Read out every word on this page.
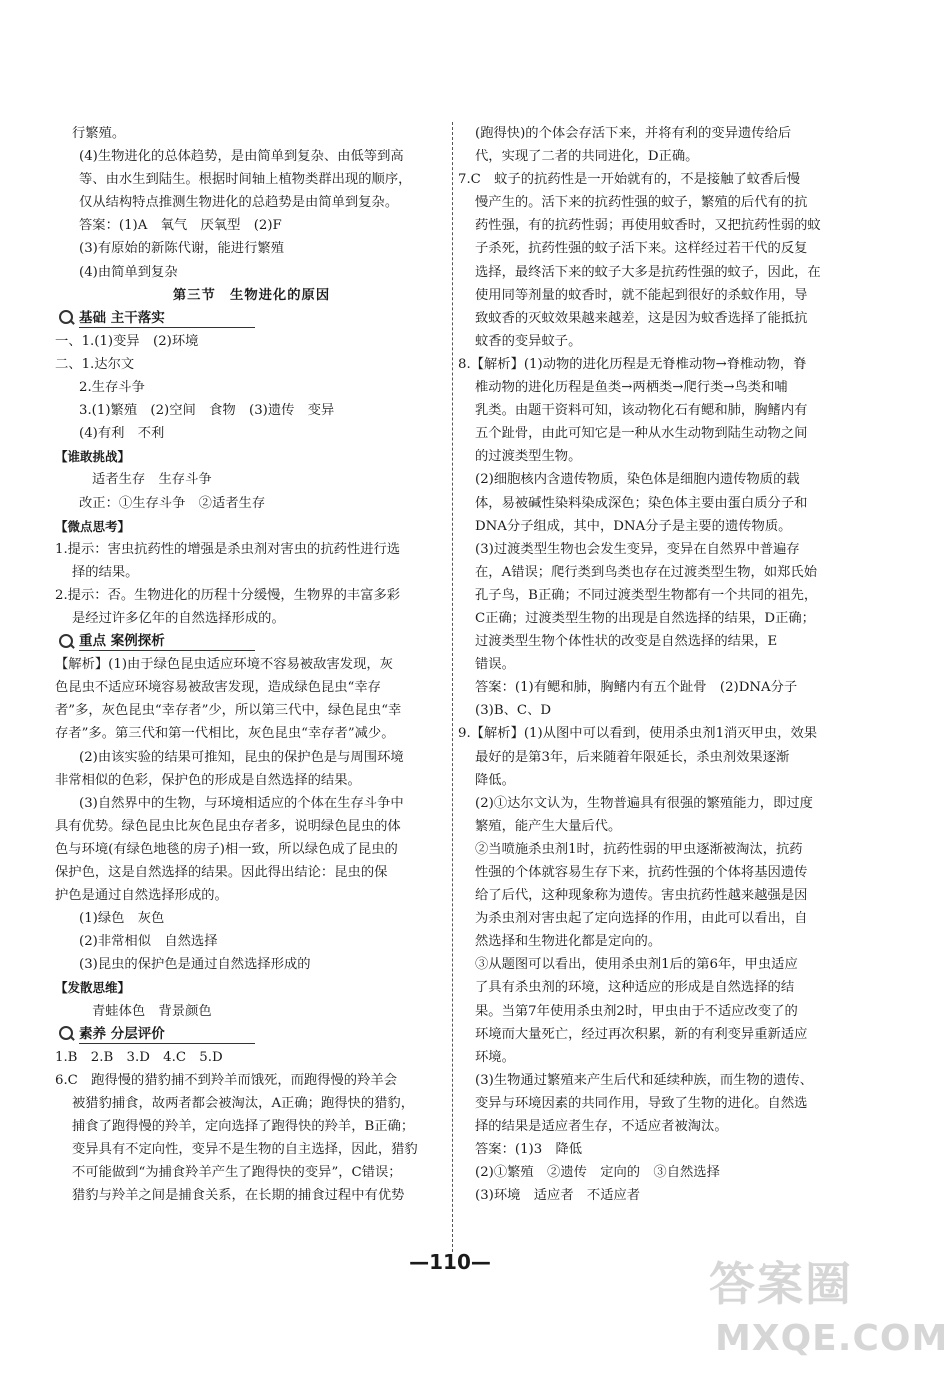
行繁殖。
(4)生物进化的总体趋势，是由简单到复杂、由低等到高
等、由水生到陆生。根据时间轴上植物类群出现的顺序，
仅从结构特点推测生物进化的总趋势是由简单到复杂。
答案：(1)A　氧气　厌氧型　(2)F
(3)有原始的新陈代谢，能进行繁殖
(4)由简单到复杂
第三节　生物进化的原因
基础 主干落实
一、1.(1)变异　(2)环境
二、1.达尔文
2.生存斗争
3.(1)繁殖　(2)空间　食物　(3)遗传　变异
(4)有利　不利
【谁敢挑战】
适者生存　生存斗争
改正：①生存斗争　②适者生存
【微点思考】
1.提示：害虫抗药性的增强是杀虫剂对害虫的抗药性进行选
择的结果。
2.提示：否。生物进化的历程十分缓慢，生物界的丰富多彩
是经过许多亿年的自然选择形成的。
重点 案例探析
【解析】(1)由于绿色昆虫适应环境不容易被敌害发现，灰
色昆虫不适应环境容易被敌害发现，造成绿色昆虫“幸存
者”多，灰色昆虫“幸存者”少，所以第三代中，绿色昆虫“幸
存者”多。第三代和第一代相比，灰色昆虫“幸存者”减少。
(2)由该实验的结果可推知，昆虫的保护色是与周围环境
非常相似的色彩，保护色的形成是自然选择的结果。
(3)自然界中的生物，与环境相适应的个体在生存斗争中
具有优势。绿色昆虫比灰色昆虫存者多，说明绿色昆虫的体
色与环境(有绿色地毯的房子)相一致，所以绿色成了昆虫的
保护色，这是自然选择的结果。因此得出结论：昆虫的保
护色是通过自然选择形成的。
(1)绿色　灰色
(2)非常相似　自然选择
(3)昆虫的保护色是通过自然选择形成的
【发散思维】
青蛙体色　背景颜色
素养 分层评价
1.B　2.B　3.D　4.C　5.D
6.C　跑得慢的猎豹捕不到羚羊而饿死，而跑得慢的羚羊会
被猎豹捕食，故两者都会被淘汰，A正确；跑得快的猎豹，
捕食了跑得慢的羚羊，定向选择了跑得快的羚羊，B正确；
变异具有不定向性，变异不是生物的自主选择，因此，猎豹
不可能做到“为捕食羚羊产生了跑得快的变异”，C错误；
猎豹与羚羊之间是捕食关系，在长期的捕食过程中有优势
(跑得快)的个体会存活下来，并将有利的变异遗传给后
代，实现了二者的共同进化，D正确。
7.C　蚊子的抗药性是一开始就有的，不是接触了蚊香后慢
慢产生的。活下来的抗药性强的蚊子，繁殖的后代有的抗
药性强，有的抗药性弱；再使用蚊香时，又把抗药性弱的蚊
子杀死，抗药性强的蚊子活下来。这样经过若干代的反复
选择，最终活下来的蚊子大多是抗药性强的蚊子，因此，在
使用同等剂量的蚊香时，就不能起到很好的杀蚊作用，导
致蚊香的灭蚊效果越来越差，这是因为蚊香选择了能抵抗
蚊香的变异蚊子。
8.【解析】(1)动物的进化历程是无脊椎动物→脊椎动物，脊
椎动物的进化历程是鱼类→两栖类→爬行类→鸟类和哺
乳类。由题干资料可知，该动物化石有鳃和肺，胸鳍内有
五个趾骨，由此可知它是一种从水生动物到陆生动物之间
的过渡类型生物。
(2)细胞核内含遗传物质，染色体是细胞内遗传物质的载
体，易被碱性染料染成深色；染色体主要由蛋白质分子和
DNA分子组成，其中，DNA分子是主要的遗传物质。
(3)过渡类型生物也会发生变异，变异在自然界中普遍存
在，A错误；爬行类到鸟类也存在过渡类型生物，如郑氏始
孔子鸟，B正确；不同过渡类型生物都有一个共同的祖先，
C正确；过渡类型生物的出现是自然选择的结果，D正确；
过渡类型生物个体性状的改变是自然选择的结果，E
错误。
答案：(1)有鳃和肺，胸鳍内有五个趾骨　(2)DNA分子
(3)B、C、D
9.【解析】(1)从图中可以看到，使用杀虫剂1消灭甲虫，效果
最好的是第3年，后来随着年限延长，杀虫剂效果逐渐
降低。
(2)①达尔文认为，生物普遍具有很强的繁殖能力，即过度
繁殖，能产生大量后代。
②当喷施杀虫剂1时，抗药性弱的甲虫逐渐被淘汰，抗药
性强的个体就容易生存下来，抗药性强的个体将基因遗传
给了后代，这种现象称为遗传。害虫抗药性越来越强是因
为杀虫剂对害虫起了定向选择的作用，由此可以看出，自
然选择和生物进化都是定向的。
③从题图可以看出，使用杀虫剂1后的第6年，甲虫适应
了具有杀虫剂的环境，这种适应的形成是自然选择的结
果。当第7年使用杀虫剂2时，甲虫由于不适应改变了的
环境而大量死亡，经过再次积累，新的有利变异重新适应
环境。
(3)生物通过繁殖来产生后代和延续种族，而生物的遗传、
变异与环境因素的共同作用，导致了生物的进化。自然选
择的结果是适应者生存，不适应者被淘汰。
答案：(1)3　降低
(2)①繁殖　②遗传　定向的　③自然选择
(3)环境　适应者　不适应者
—110—	答案圈
MXQE.COM
